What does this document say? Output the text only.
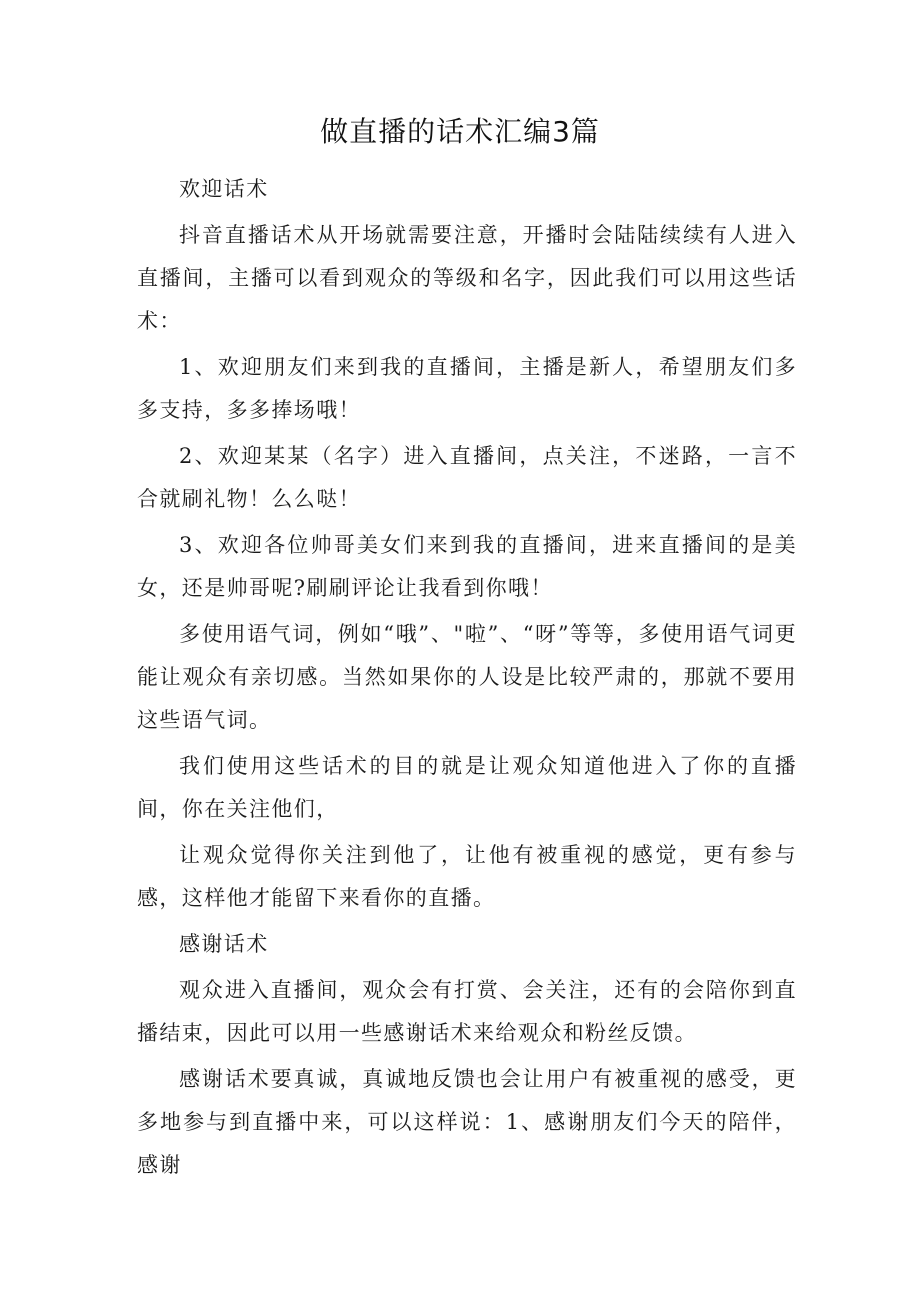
做直播的话术汇编3篇

欢迎话术

抖音直播话术从开场就需要注意，开播时会陆陆续续有人进入直播间，主播可以看到观众的等级和名字，因此我们可以用这些话术：

1、欢迎朋友们来到我的直播间，主播是新人，希望朋友们多多支持，多多捧场哦！

2、欢迎某某（名字）进入直播间，点关注，不迷路，一言不合就刷礼物！么么哒！

3、欢迎各位帅哥美女们来到我的直播间，进来直播间的是美女，还是帅哥呢?刷刷评论让我看到你哦！

多使用语气词，例如“哦”、"啦”、“呀”等等，多使用语气词更能让观众有亲切感。当然如果你的人设是比较严肃的，那就不要用这些语气词。

我们使用这些话术的目的就是让观众知道他进入了你的直播间，你在关注他们，

让观众觉得你关注到他了，让他有被重视的感觉，更有参与感，这样他才能留下来看你的直播。

感谢话术

观众进入直播间，观众会有打赏、会关注，还有的会陪你到直播结束，因此可以用一些感谢话术来给观众和粉丝反馈。

感谢话术要真诚，真诚地反馈也会让用户有被重视的感受，更多地参与到直播中来，可以这样说：1、感谢朋友们今天的陪伴，感谢
